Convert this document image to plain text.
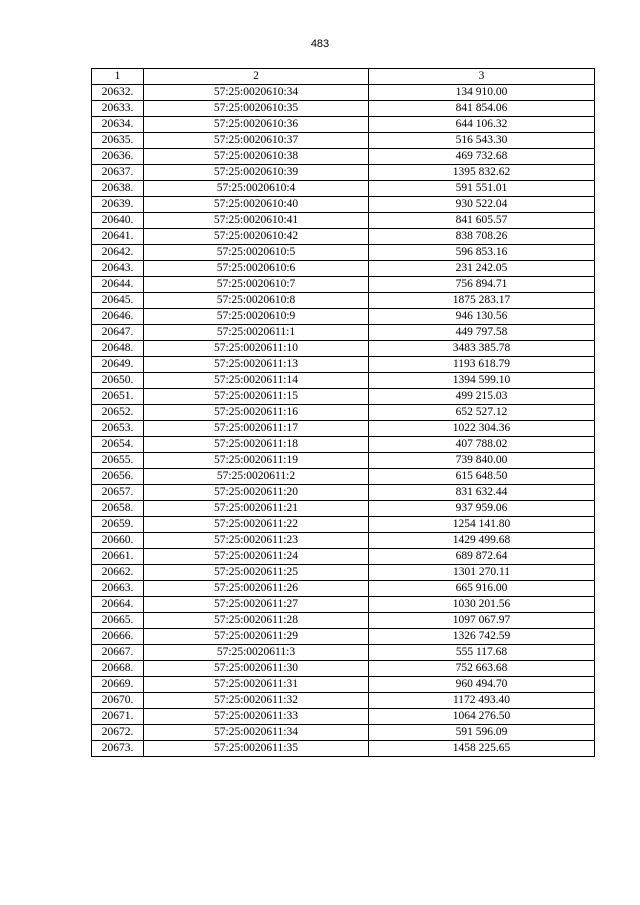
483
1	2	3
20632.	57:25:0020610:34	134 910.00
20633.	57:25:0020610:35	841 854.06
20634.	57:25:0020610:36	644 106.32
20635.	57:25:0020610:37	516 543.30
20636.	57:25:0020610:38	469 732.68
20637.	57:25:0020610:39	1395 832.62
20638.	57:25:0020610:4	591 551.01
20639.	57:25:0020610:40	930 522.04
20640.	57:25:0020610:41	841 605.57
20641.	57:25:0020610:42	838 708.26
20642.	57:25:0020610:5	596 853.16
20643.	57:25:0020610:6	231 242.05
20644.	57:25:0020610:7	756 894.71
20645.	57:25:0020610:8	1875 283.17
20646.	57:25:0020610:9	946 130.56
20647.	57:25:0020611:1	449 797.58
20648.	57:25:0020611:10	3483 385.78
20649.	57:25:0020611:13	1193 618.79
20650.	57:25:0020611:14	1394 599.10
20651.	57:25:0020611:15	499 215.03
20652.	57:25:0020611:16	652 527.12
20653.	57:25:0020611:17	1022 304.36
20654.	57:25:0020611:18	407 788.02
20655.	57:25:0020611:19	739 840.00
20656.	57:25:0020611:2	615 648.50
20657.	57:25:0020611:20	831 632.44
20658.	57:25:0020611:21	937 959.06
20659.	57:25:0020611:22	1254 141.80
20660.	57:25:0020611:23	1429 499.68
20661.	57:25:0020611:24	689 872.64
20662.	57:25:0020611:25	1301 270.11
20663.	57:25:0020611:26	665 916.00
20664.	57:25:0020611:27	1030 201.56
20665.	57:25:0020611:28	1097 067.97
20666.	57:25:0020611:29	1326 742.59
20667.	57:25:0020611:3	555 117.68
20668.	57:25:0020611:30	752 663.68
20669.	57:25:0020611:31	960 494.70
20670.	57:25:0020611:32	1172 493.40
20671.	57:25:0020611:33	1064 276.50
20672.	57:25:0020611:34	591 596.09
20673.	57:25:0020611:35	1458 225.65
